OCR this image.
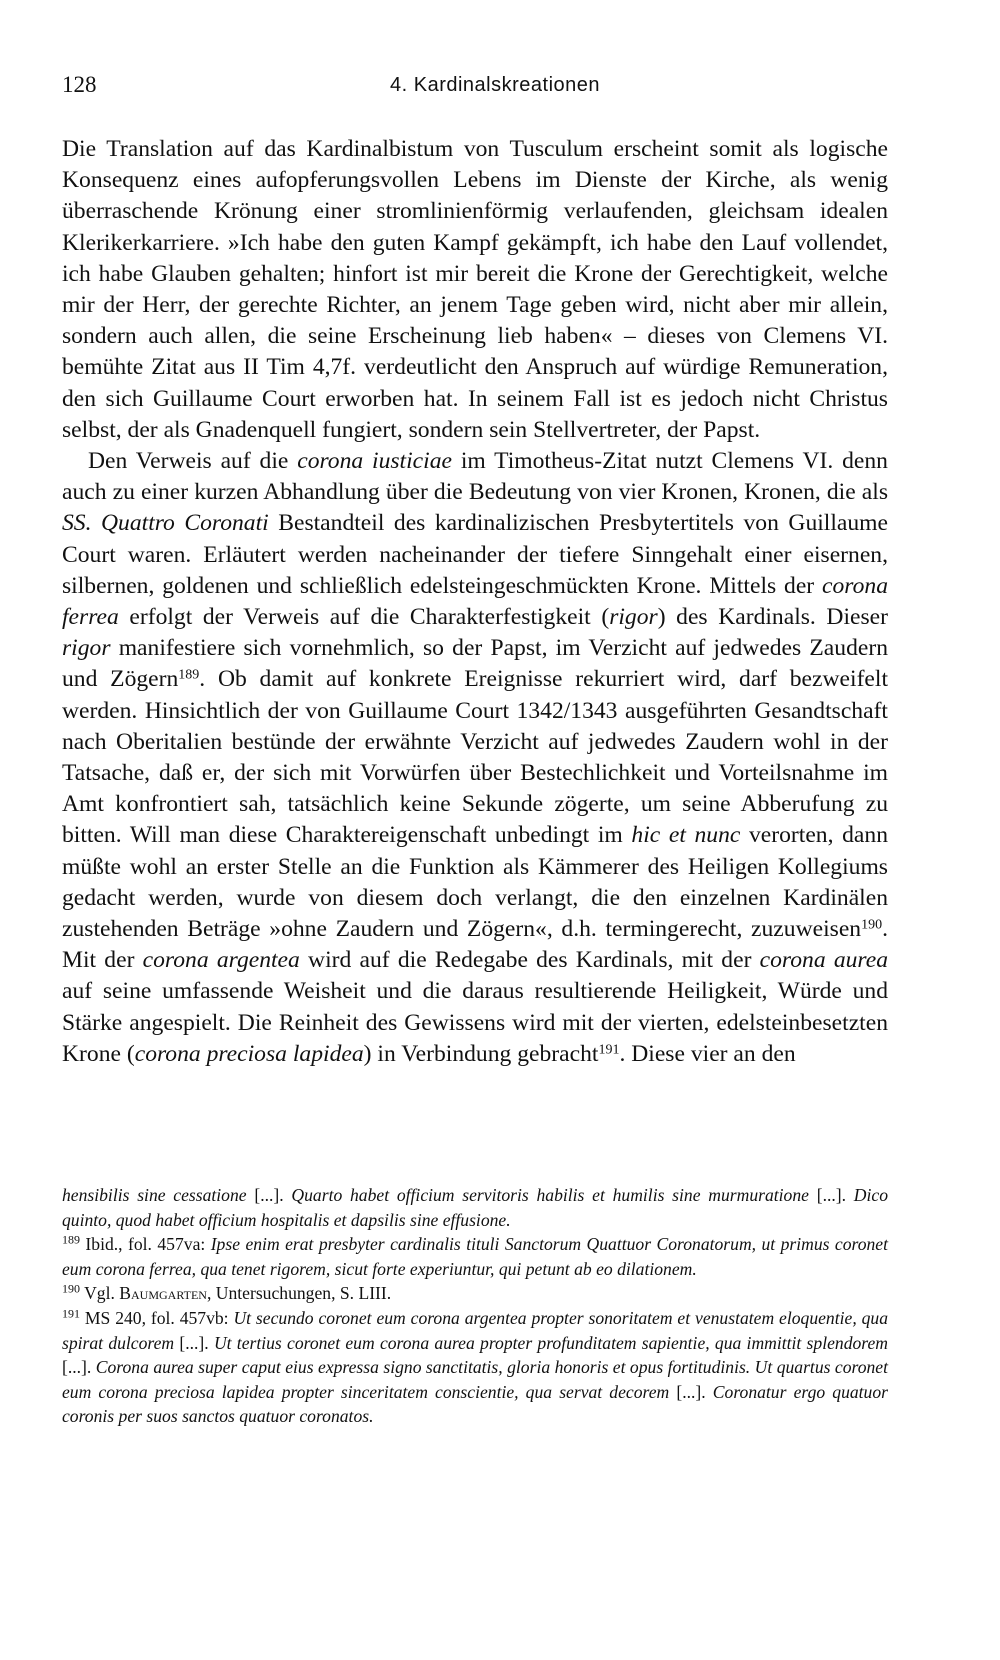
128	4. Kardinalskreationen

Die Translation auf das Kardinalbistum von Tusculum erscheint somit als logische Konsequenz eines aufopferungsvollen Lebens im Dienste der Kirche, als wenig überraschende Krönung einer stromlinienförmig verlaufenden, gleichsam idealen Klerikerkarriere. »Ich habe den guten Kampf gekämpft, ich habe den Lauf vollendet, ich habe Glauben gehalten; hinfort ist mir bereit die Krone der Gerechtigkeit, welche mir der Herr, der gerechte Richter, an jenem Tage geben wird, nicht aber mir allein, sondern auch allen, die seine Erscheinung lieb haben« – dieses von Clemens VI. bemühte Zitat aus II Tim 4,7f. verdeutlicht den Anspruch auf würdige Remuneration, den sich Guillaume Court erworben hat. In seinem Fall ist es jedoch nicht Christus selbst, der als Gnadenquell fungiert, sondern sein Stellvertreter, der Papst.

Den Verweis auf die corona iusticiae im Timotheus-Zitat nutzt Clemens VI. denn auch zu einer kurzen Abhandlung über die Bedeutung von vier Kronen, Kronen, die als SS. Quattro Coronati Bestandteil des kardinalizischen Presbytertitels von Guillaume Court waren. Erläutert werden nacheinander der tiefere Sinngehalt einer eisernen, silbernen, goldenen und schließlich edelsteingeschmückten Krone. Mittels der corona ferrea erfolgt der Verweis auf die Charakterfestigkeit (rigor) des Kardinals. Dieser rigor manifestiere sich vornehmlich, so der Papst, im Verzicht auf jedwedes Zaudern und Zögern$^{189}$. Ob damit auf konkrete Ereignisse rekurriert wird, darf bezweifelt werden. Hinsichtlich der von Guillaume Court 1342/1343 ausgeführten Gesandtschaft nach Oberitalien bestünde der erwähnte Verzicht auf jedwedes Zaudern wohl in der Tatsache, daß er, der sich mit Vorwürfen über Bestechlichkeit und Vorteilsnahme im Amt konfrontiert sah, tatsächlich keine Sekunde zögerte, um seine Abberufung zu bitten. Will man diese Charaktereigenschaft unbedingt im hic et nunc verorten, dann müßte wohl an erster Stelle an die Funktion als Kämmerer des Heiligen Kollegiums gedacht werden, wurde von diesem doch verlangt, die den einzelnen Kardinälen zustehenden Beträge »ohne Zaudern und Zögern«, d.h. termingerecht, zuzuweisen$^{190}$. Mit der corona argentea wird auf die Redegabe des Kardinals, mit der corona aurea auf seine umfassende Weisheit und die daraus resultierende Heiligkeit, Würde und Stärke angespielt. Die Reinheit des Gewissens wird mit der vierten, edelsteinbesetzten Krone (corona preciosa lapidea) in Verbindung gebracht$^{191}$. Diese vier an den

hensibilis sine cessatione [...]. Quarto habet officium servitoris habilis et humilis sine murmuratione [...]. Dico quinto, quod habet officium hospitalis et dapsilis sine effusione.

$^{189}$ Ibid., fol. 457va: Ipse enim erat presbyter cardinalis tituli Sanctorum Quattuor Coronatorum, ut primus coronet eum corona ferrea, qua tenet rigorem, sicut forte experiuntur, qui petunt ab eo dilationem.

$^{190}$ Vgl. Baumgarten, Untersuchungen, S. LIII.

$^{191}$ MS 240, fol. 457vb: Ut secundo coronet eum corona argentea propter sonoritatem et venustatem eloquentie, qua spirat dulcorem [...]. Ut tertius coronet eum corona aurea propter profunditatem sapientie, qua immittit splendorem [...]. Corona aurea super caput eius expressa signo sanctitatis, gloria honoris et opus fortitudinis. Ut quartus coronet eum corona preciosa lapidea propter sinceritatem conscientie, qua servat decorem [...]. Coronatur ergo quatuor coronis per suos sanctos quatuor coronatos.
